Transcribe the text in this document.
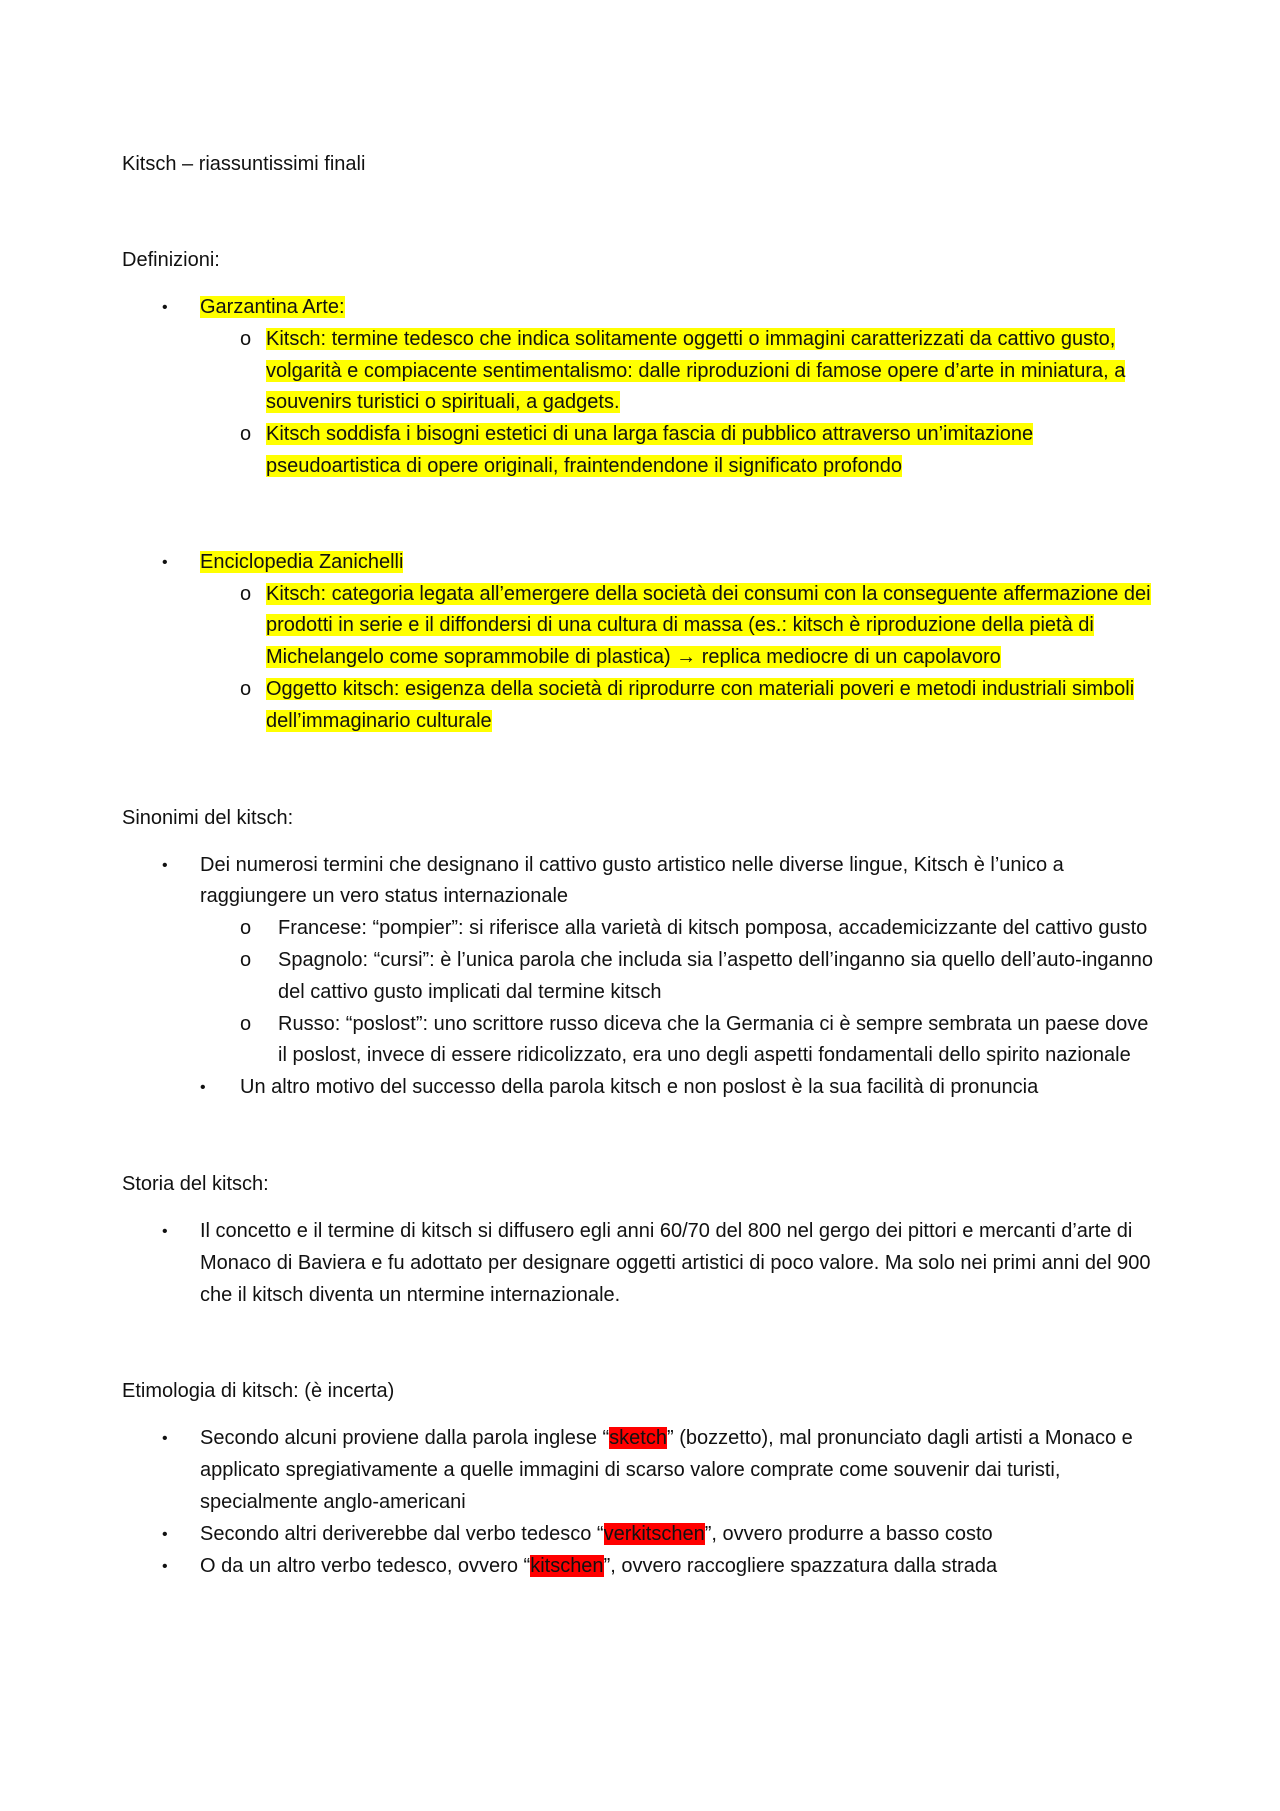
Kitsch – riassuntissimi finali

Definizioni:

• Garzantina Arte:
o Kitsch: termine tedesco che indica solitamente oggetti o immagini caratterizzati da cattivo gusto, volgarità e compiacente sentimentalismo: dalle riproduzioni di famose opere d’arte in miniatura, a souvenirs turistici o spirituali, a gadgets.
o Kitsch soddisfa i bisogni estetici di una larga fascia di pubblico attraverso un’imitazione pseudoartistica di opere originali, fraintendendone il significato profondo
• Enciclopedia Zanichelli
o Kitsch: categoria legata all’emergere della società dei consumi con la conseguente affermazione dei prodotti in serie e il diffondersi di una cultura di massa (es.: kitsch è riproduzione della pietà di Michelangelo come soprammobile di plastica) → replica mediocre di un capolavoro
o Oggetto kitsch: esigenza della società di riprodurre con materiali poveri e metodi industriali simboli dell’immaginario culturale

Sinonimi del kitsch:

• Dei numerosi termini che designano il cattivo gusto artistico nelle diverse lingue, Kitsch è l’unico a raggiungere un vero status internazionale
o Francese: “pompier”: si riferisce alla varietà di kitsch pomposa, accademicizzante del cattivo gusto
o Spagnolo: “cursi”: è l’unica parola che includa sia l’aspetto dell’inganno sia quello dell’auto-inganno del cattivo gusto implicati dal termine kitsch
o Russo: “poslost”: uno scrittore russo diceva che la Germania ci è sempre sembrata un paese dove il poslost, invece di essere ridicolizzato, era uno degli aspetti fondamentali dello spirito nazionale
• Un altro motivo del successo della parola kitsch e non poslost è la sua facilità di pronuncia

Storia del kitsch:

• Il concetto e il termine di kitsch si diffusero egli anni 60/70 del 800 nel gergo dei pittori e mercanti d’arte di Monaco di Baviera e fu adottato per designare oggetti artistici di poco valore. Ma solo nei primi anni del 900 che il kitsch diventa un ntermine internazionale.

Etimologia di kitsch: (è incerta)

• Secondo alcuni proviene dalla parola inglese “sketch” (bozzetto), mal pronunciato dagli artisti a Monaco e applicato spregiativamente a quelle immagini di scarso valore comprate come souvenir dai turisti, specialmente anglo-americani
• Secondo altri deriverebbe dal verbo tedesco “verkitschen”, ovvero produrre a basso costo
• O da un altro verbo tedesco, ovvero “kitschen”, ovvero raccogliere spazzatura dalla strada
